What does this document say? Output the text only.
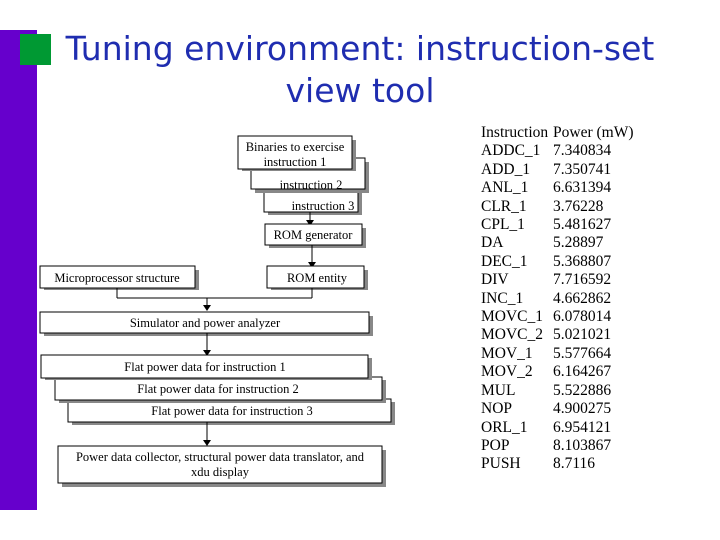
Tuning environment: instruction-set
view tool
instruction 3
instruction 2
Binaries to exercise
instruction 1
ROM generator
Microprocessor structure	ROM entity
Simulator and power analyzer
Flat power data for instruction 3
Flat power data for instruction 2
Flat power data for instruction 1
Power data collector, structural power data translator, and
xdu display
Instruction Power (mW)
ADDC_1 7.340834
ADD_1	7.350741
ANL_1	6.631394
CLR_1	3.76228
CPL_1	5.481627
DA	5.28897
DEC_1	5.368807
DIV	7.716592
INC_1	4.662862
MOVC_1 6.078014
MOVC_2 5.021021
MOV_1	5.577664
MOV_2	6.164267
MUL	5.522886
NOP	4.900275
ORL_1	6.954121
POP	8.103867
PUSH	8.7116
